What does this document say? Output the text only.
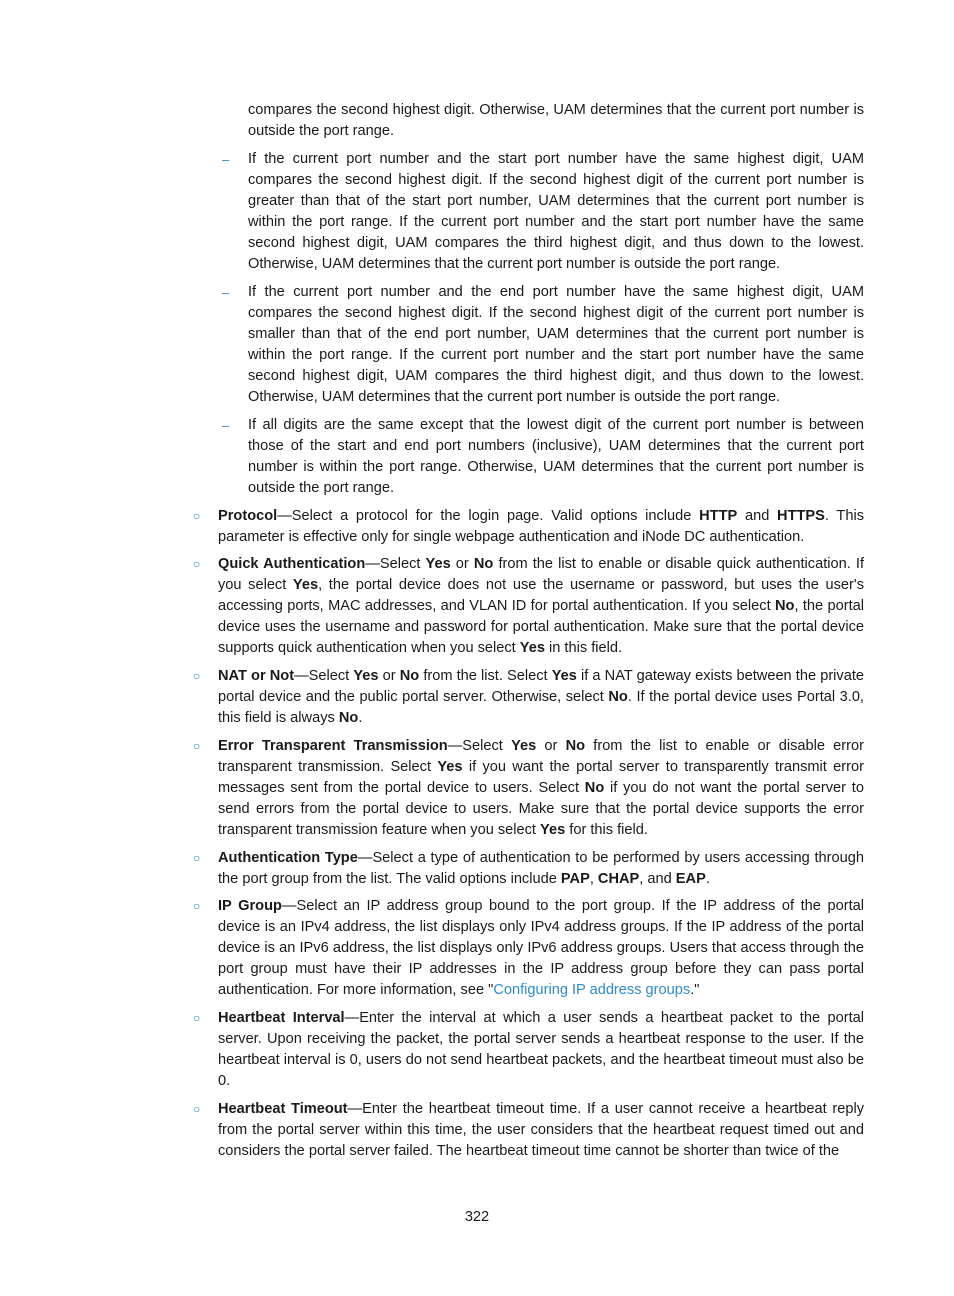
compares the second highest digit. Otherwise, UAM determines that the current port number is outside the port range.

– If the current port number and the start port number have the same highest digit, UAM compares the second highest digit. If the second highest digit of the current port number is greater than that of the start port number, UAM determines that the current port number is within the port range. If the current port number and the start port number have the same second highest digit, UAM compares the third highest digit, and thus down to the lowest. Otherwise, UAM determines that the current port number is outside the port range.

– If the current port number and the end port number have the same highest digit, UAM compares the second highest digit. If the second highest digit of the current port number is smaller than that of the end port number, UAM determines that the current port number is within the port range. If the current port number and the start port number have the same second highest digit, UAM compares the third highest digit, and thus down to the lowest. Otherwise, UAM determines that the current port number is outside the port range.

– If all digits are the same except that the lowest digit of the current port number is between those of the start and end port numbers (inclusive), UAM determines that the current port number is within the port range. Otherwise, UAM determines that the current port number is outside the port range.

○ Protocol—Select a protocol for the login page. Valid options include HTTP and HTTPS. This parameter is effective only for single webpage authentication and iNode DC authentication.

○ Quick Authentication—Select Yes or No from the list to enable or disable quick authentication. If you select Yes, the portal device does not use the username or password, but uses the user's accessing ports, MAC addresses, and VLAN ID for portal authentication. If you select No, the portal device uses the username and password for portal authentication. Make sure that the portal device supports quick authentication when you select Yes in this field.

○ NAT or Not—Select Yes or No from the list. Select Yes if a NAT gateway exists between the private portal device and the public portal server. Otherwise, select No. If the portal device uses Portal 3.0, this field is always No.

○ Error Transparent Transmission—Select Yes or No from the list to enable or disable error transparent transmission. Select Yes if you want the portal server to transparently transmit error messages sent from the portal device to users. Select No if you do not want the portal server to send errors from the portal device to users. Make sure that the portal device supports the error transparent transmission feature when you select Yes for this field.

○ Authentication Type—Select a type of authentication to be performed by users accessing through the port group from the list. The valid options include PAP, CHAP, and EAP.

○ IP Group—Select an IP address group bound to the port group. If the IP address of the portal device is an IPv4 address, the list displays only IPv4 address groups. If the IP address of the portal device is an IPv6 address, the list displays only IPv6 address groups. Users that access through the port group must have their IP addresses in the IP address group before they can pass portal authentication. For more information, see "Configuring IP address groups."

○ Heartbeat Interval—Enter the interval at which a user sends a heartbeat packet to the portal server. Upon receiving the packet, the portal server sends a heartbeat response to the user. If the heartbeat interval is 0, users do not send heartbeat packets, and the heartbeat timeout must also be 0.

○ Heartbeat Timeout—Enter the heartbeat timeout time. If a user cannot receive a heartbeat reply from the portal server within this time, the user considers that the heartbeat request timed out and considers the portal server failed. The heartbeat timeout time cannot be shorter than twice of the

322
